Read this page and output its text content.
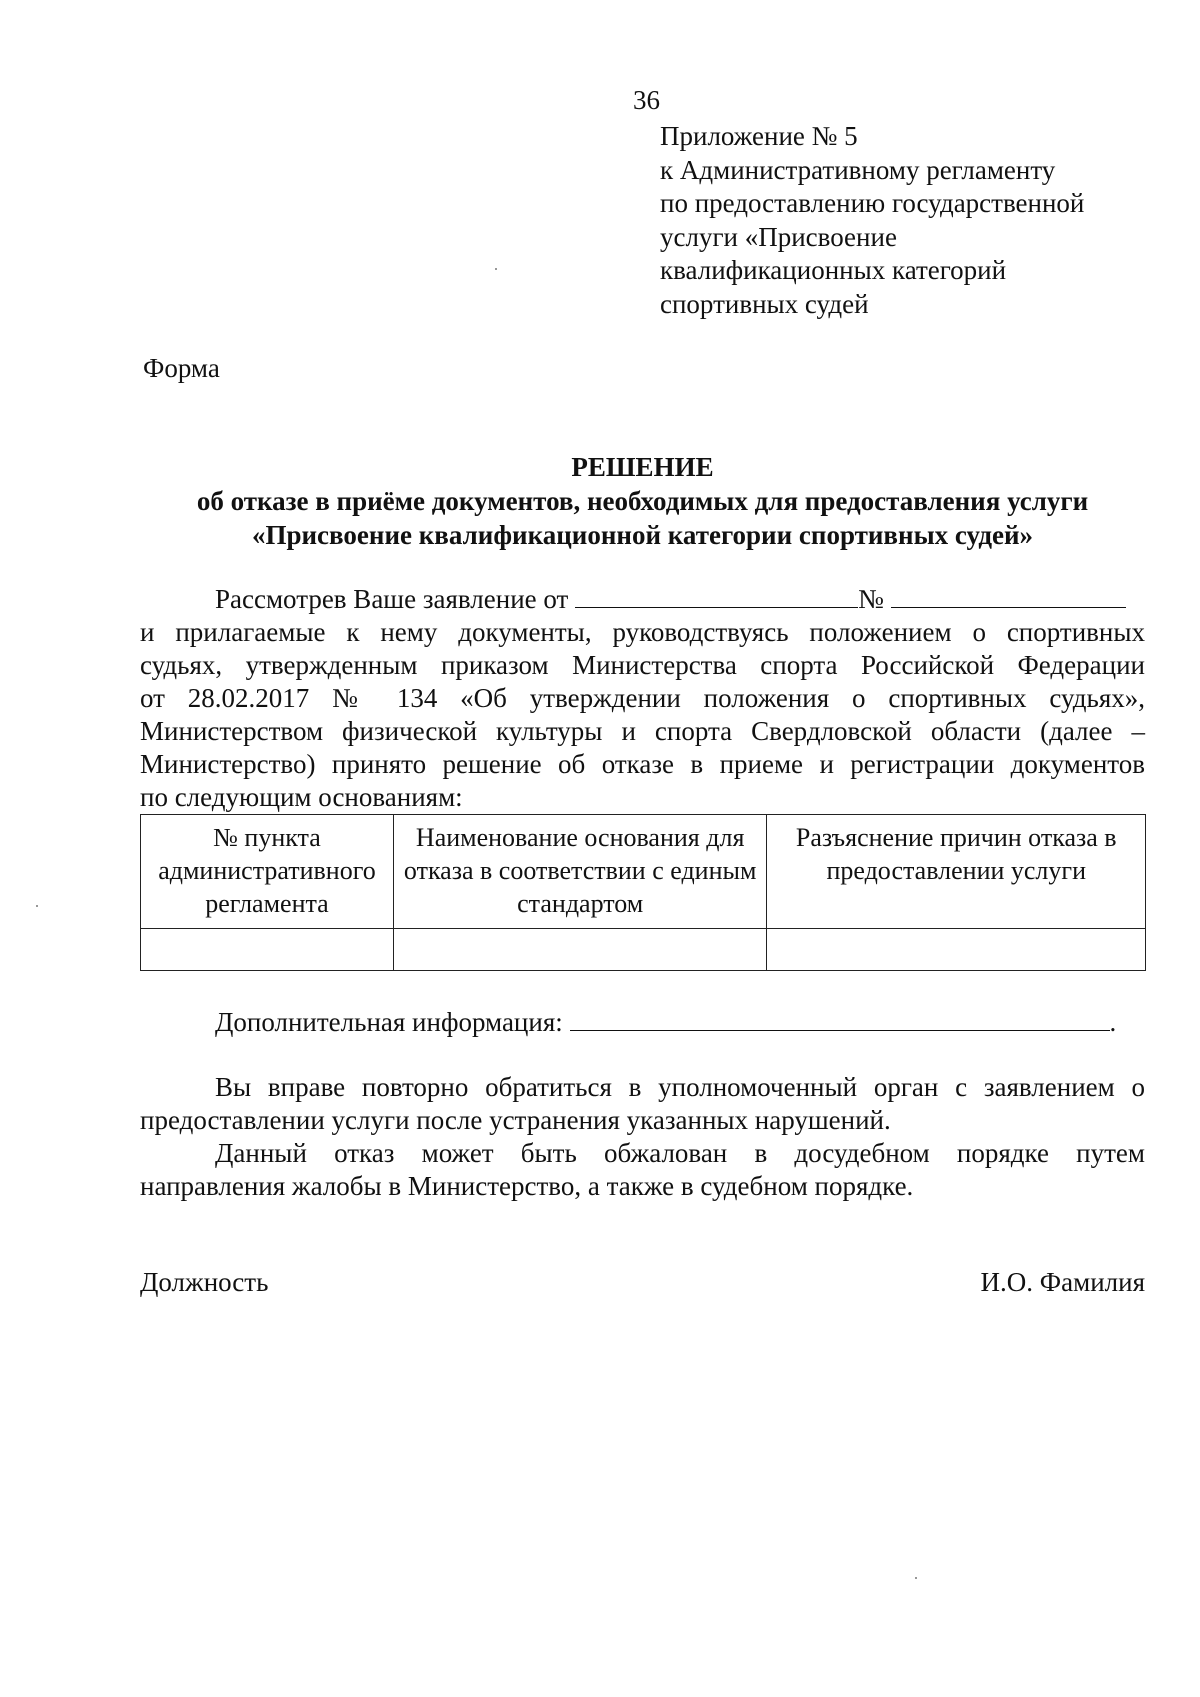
36
Приложение № 5
к Административному регламенту
по предоставлению государственной
услуги «Присвоение
квалификационных категорий
спортивных судей
Форма
РЕШЕНИЕ
об отказе в приёме документов, необходимых для предоставления услуги
«Присвоение квалификационной категории спортивных судей»
Рассмотрев Ваше заявление от	№
и прилагаемые к нему документы, руководствуясь положением о спортивных
судьях, утвержденным приказом Министерства спорта Российской Федерации
от 28.02.2017 № 134 «Об утверждении положения о спортивных судьях»,
Министерством физической культуры и спорта Свердловской области (далее –
Министерство) принято решение об отказе в приеме и регистрации документов
по следующим основаниям:
№ пункта административного регламента	Наименование основания для отказа в соответствии с единым стандартом	Разъяснение причин отказа в предоставлении услуги

Дополнительная информация:	.
Вы вправе повторно обратиться в уполномоченный орган с заявлением о
предоставлении услуги после устранения указанных нарушений.
Данный отказ может быть обжалован в досудебном порядке путем
направления жалобы в Министерство, а также в судебном порядке.
Должность	И.О. Фамилия
